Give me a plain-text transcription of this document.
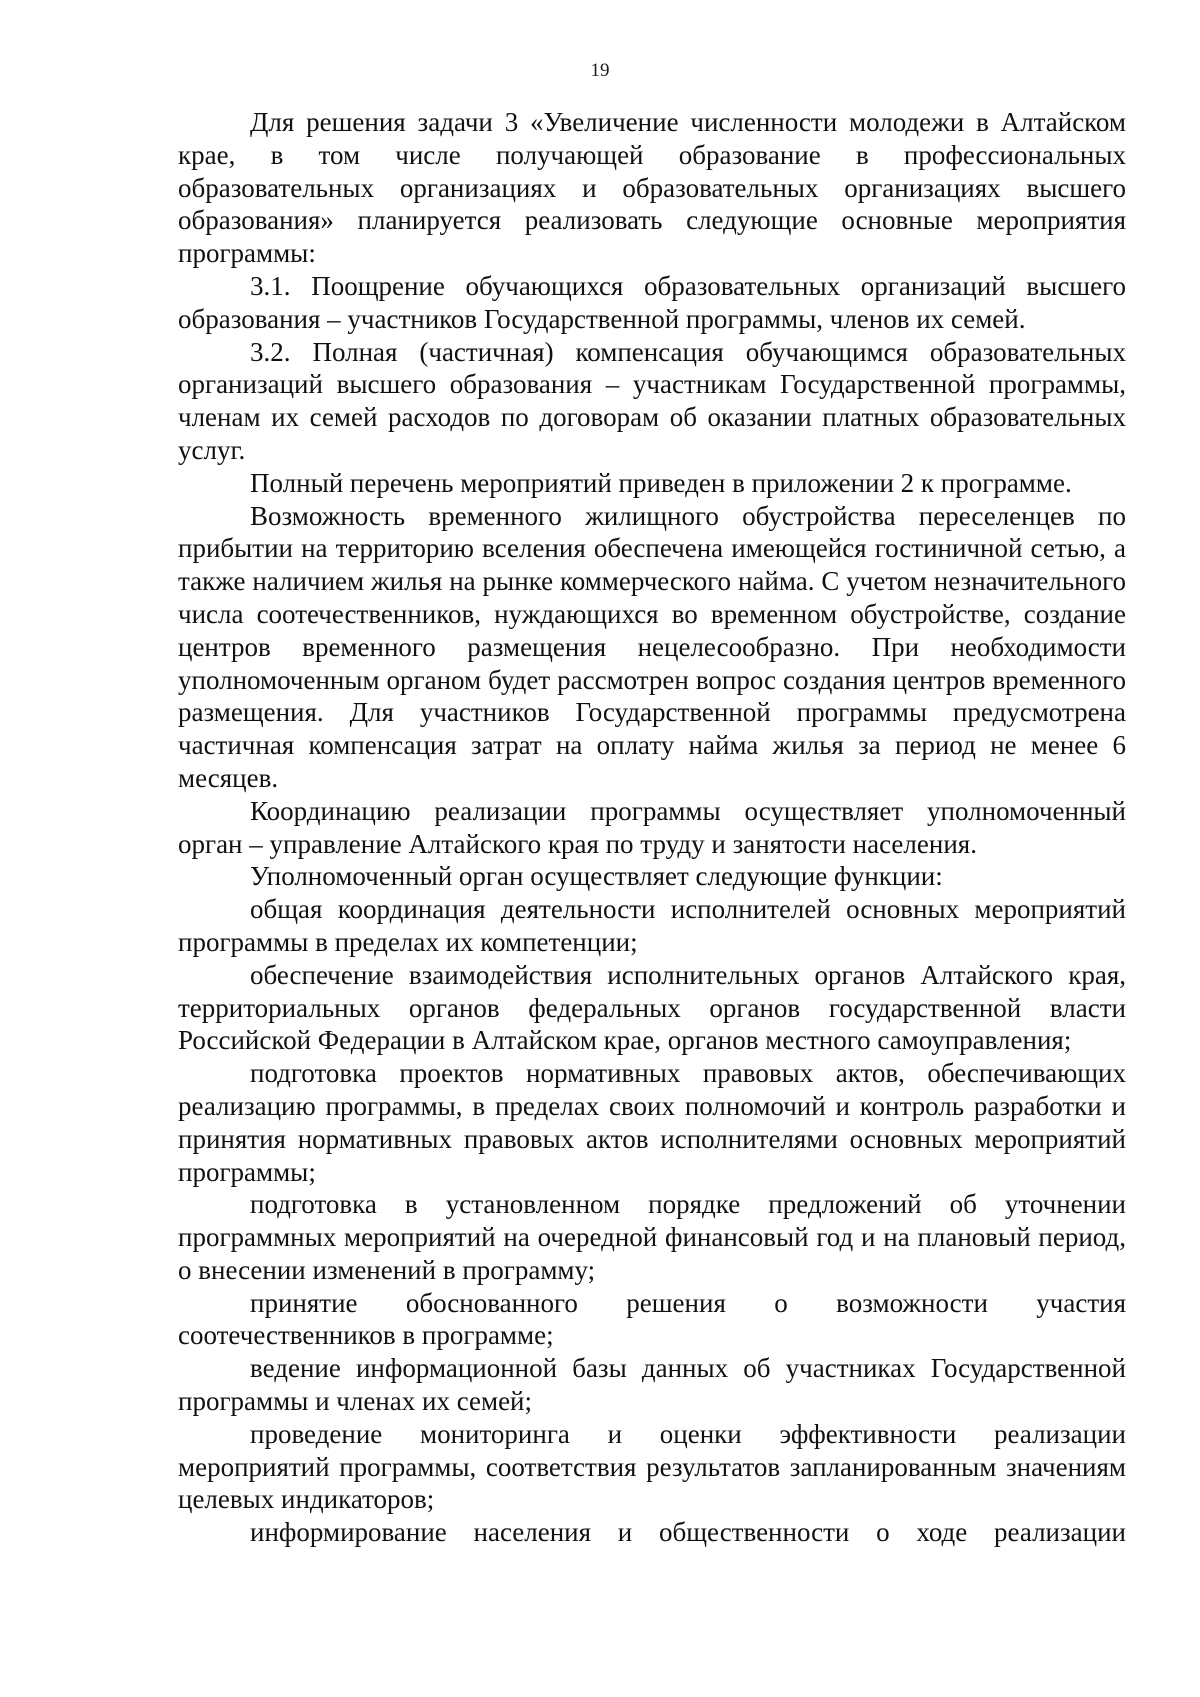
19

Для решения задачи 3 «Увеличение численности молодежи в Алтайском крае, в том числе получающей образование в профессиональных образовательных организациях и образовательных организациях высшего образования» планируется реализовать следующие основные мероприятия программы:

3.1. Поощрение обучающихся образовательных организаций высшего образования – участников Государственной программы, членов их семей.

3.2. Полная (частичная) компенсация обучающимся образовательных организаций высшего образования – участникам Государственной программы, членам их семей расходов по договорам об оказании платных образовательных услуг.

Полный перечень мероприятий приведен в приложении 2 к программе.

Возможность временного жилищного обустройства переселенцев по прибытии на территорию вселения обеспечена имеющейся гостиничной сетью, а также наличием жилья на рынке коммерческого найма. С учетом незначительного числа соотечественников, нуждающихся во временном обустройстве, создание центров временного размещения нецелесообразно. При необходимости уполномоченным органом будет рассмотрен вопрос создания центров временного размещения. Для участников Государственной программы предусмотрена частичная компенсация затрат на оплату найма жилья за период не менее 6 месяцев.

Координацию реализации программы осуществляет уполномоченный орган – управление Алтайского края по труду и занятости населения.

Уполномоченный орган осуществляет следующие функции:

общая координация деятельности исполнителей основных мероприятий программы в пределах их компетенции;

обеспечение взаимодействия исполнительных органов Алтайского края, территориальных органов федеральных органов государственной власти Российской Федерации в Алтайском крае, органов местного самоуправления;

подготовка проектов нормативных правовых актов, обеспечивающих реализацию программы, в пределах своих полномочий и контроль разработки и принятия нормативных правовых актов исполнителями основных мероприятий программы;

подготовка в установленном порядке предложений об уточнении программных мероприятий на очередной финансовый год и на плановый период, о внесении изменений в программу;

принятие обоснованного решения о возможности участия соотечественников в программе;

ведение информационной базы данных об участниках Государственной программы и членах их семей;

проведение мониторинга и оценки эффективности реализации мероприятий программы, соответствия результатов запланированным значениям целевых индикаторов;

информирование населения и общественности о ходе реализации
